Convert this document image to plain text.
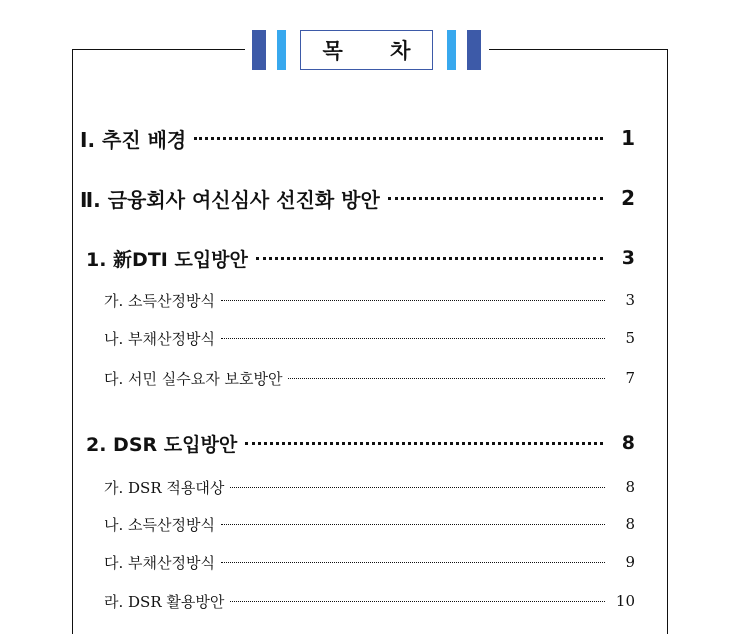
목 차
Ⅰ. 추진 배경	1
Ⅱ. 금융회사 여신심사 선진화 방안	2
1. 新DTI 도입방안	3
가. 소득산정방식	3
나. 부채산정방식	5
다. 서민 실수요자 보호방안	7
2. DSR 도입방안	8
가. DSR 적용대상	8
나. 소득산정방식	8
다. 부채산정방식	9
라. DSR 활용방안	10
